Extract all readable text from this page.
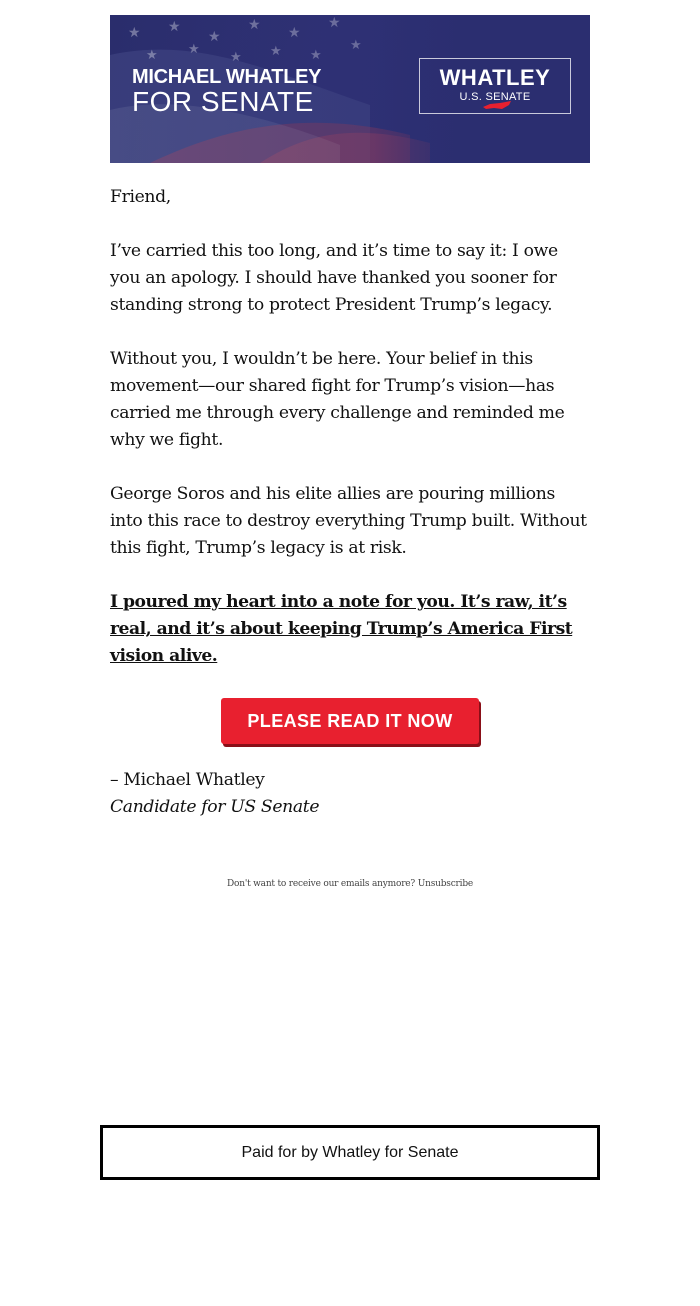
MICHAEL WHATLEY
FOR SENATE
WHATLEY
U.S. SENATE
Friend,
I’ve carried this too long, and it’s time to say it: I owe you an apology. I should have thanked you sooner for standing strong to protect President Trump’s legacy.
Without you, I wouldn’t be here. Your belief in this movement—our shared fight for Trump’s vision—has carried me through every challenge and reminded me why we fight.
George Soros and his elite allies are pouring millions into this race to destroy everything Trump built. Without this fight, Trump’s legacy is at risk.
I poured my heart into a note for you. It’s raw, it’s real, and it’s about keeping Trump’s America First vision alive.
PLEASE READ IT NOW
– Michael Whatley
Candidate for US Senate
Don't want to receive our emails anymore? Unsubscribe
Paid for by Whatley for Senate
